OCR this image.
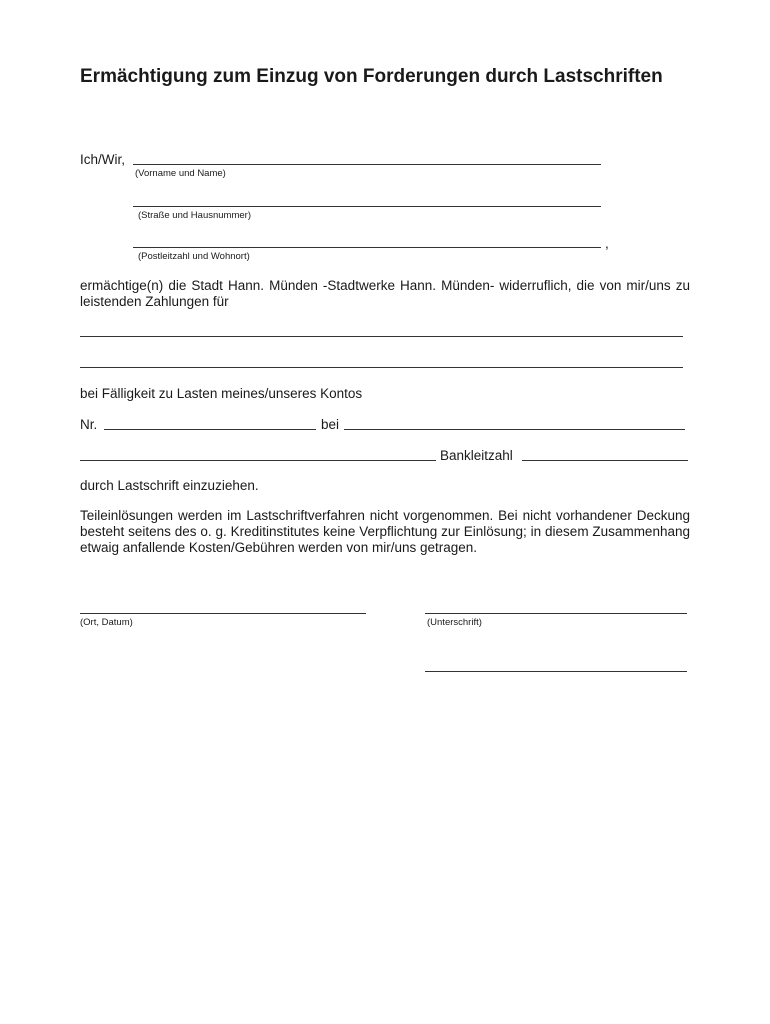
Ermächtigung zum Einzug von Forderungen durch Lastschriften
Ich/Wir,
(Vorname und Name)
(Straße und Hausnummer)
,
(Postleitzahl und Wohnort)
ermächtige(n) die Stadt Hann. Münden -Stadtwerke Hann. Münden- widerruflich, die von mir/uns zu leistenden Zahlungen für
bei Fälligkeit zu Lasten meines/unseres Kontos
Nr.	bei
Bankleitzahl
durch Lastschrift einzuziehen.
Teileinlösungen werden im Lastschriftverfahren nicht vorgenommen. Bei nicht vorhandener Deckung besteht seitens des o. g. Kreditinstitutes keine Verpflichtung zur Einlösung; in diesem Zusammenhang etwaig anfallende Kosten/Gebühren werden von mir/uns getragen.
(Ort, Datum)	(Unterschrift)
